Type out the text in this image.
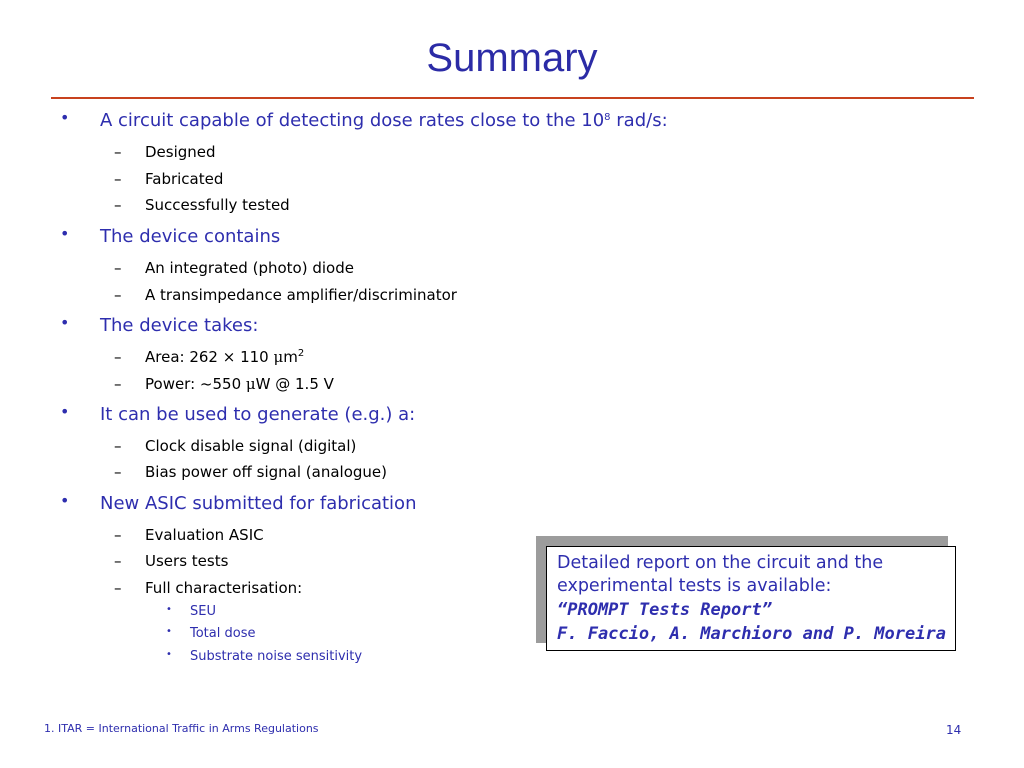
Summary
• A circuit capable of detecting dose rates close to the $10^8$ rad/s:
– Designed
– Fabricated
– Successfully tested
• The device contains
– An integrated (photo) diode
– A transimpedance amplifier/discriminator
• The device takes:
– Area: 262 × 110 $\mu m^2$
– Power: ~550 μW @ 1.5 V
• It can be used to generate (e.g.) a:
– Clock disable signal (digital)
– Bias power off signal (analogue)
• New ASIC submitted for fabrication
– Evaluation ASIC
– Users tests
– Full characterisation:
• SEU
• Total dose
• Substrate noise sensitivity
Detailed report on the circuit and the
experimental tests is available:
“PROMPT Tests Report”
F. Faccio, A. Marchioro and P. Moreira
1. ITAR = International Traffic in Arms Regulations	14
